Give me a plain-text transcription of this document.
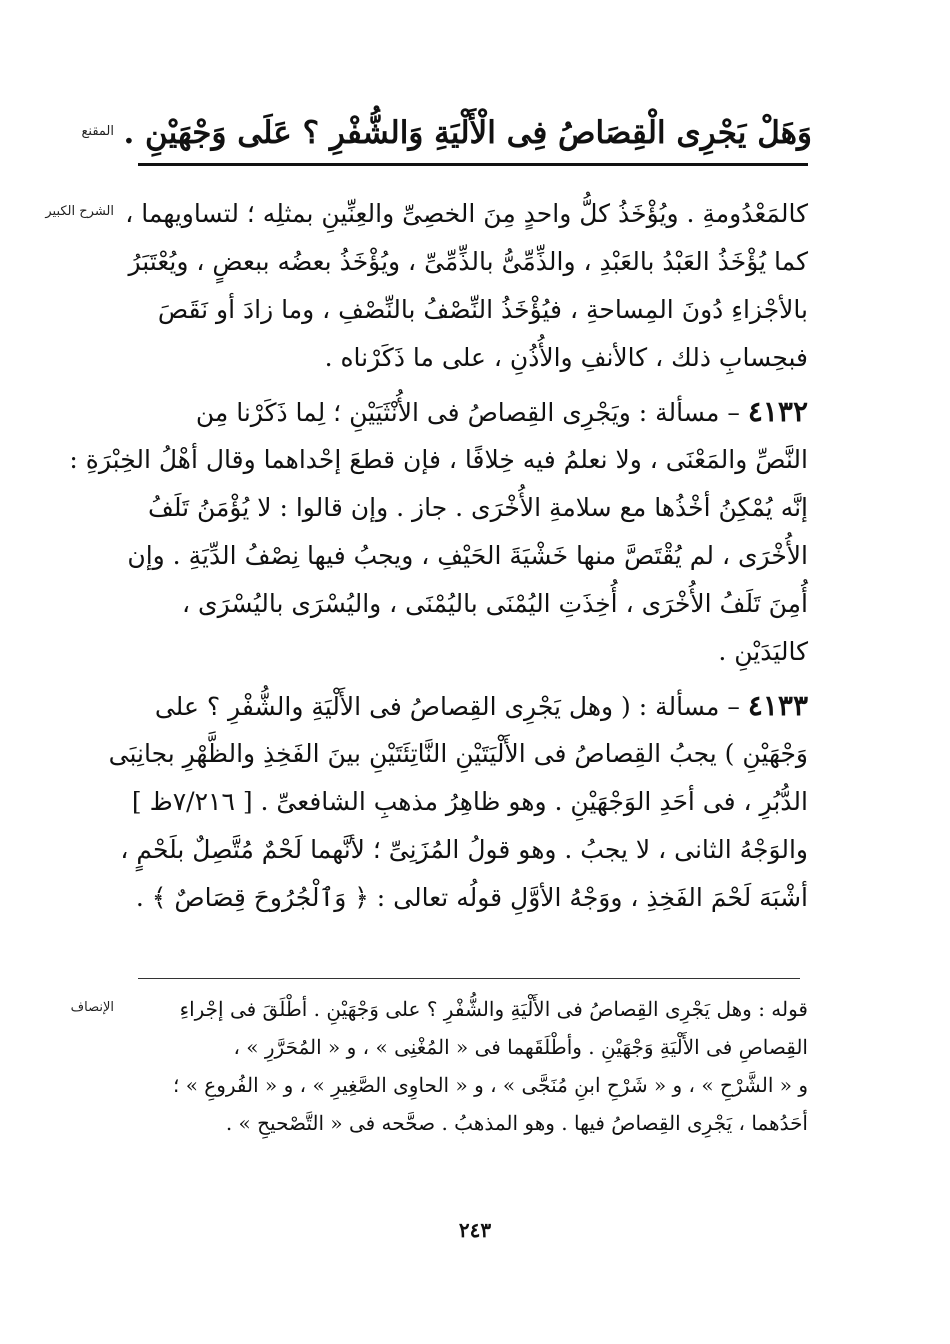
المقنع وَهَلْ يَجْرِى الْقِصَاصُ فِى الْأَلْيَةِ وَالشُّفْرِ ؟ عَلَى وَجْهَيْنِ .
الشرح الكبير كالمَعْدُومةِ . ويُؤْخَذُ كلُّ واحدٍ مِنَ الخصِىِّ والعِنِّينِ بمثلِه ؛ لتساويهما ،
كما يُؤْخَذُ العَبْدُ بالعَبْدِ ، والذِّمِّىُّ بالذِّمِّىِّ ، ويُؤْخَذُ بعضُه ببعضٍ ، ويُعْتَبَرُ
بالأجْزاءِ دُونَ المِساحةِ ، فيُؤْخَذُ النِّصْفُ بالنِّصْفِ ، وما زادَ أو نَقَصَ
فبحِسابِ ذلك ، كالأنفِ والأُذُنِ ، على ما ذَكَرْناه .
٤١٣٢ – مسألة : ويَجْرِى القِصاصُ فى الأُنْثَيَيْنِ ؛ لِما ذَكَرْنا مِن
النَّصِّ والمَعْنَى ، ولا نعلمُ فيه خِلافًا ، فإن قطعَ إحْداهما وقال أهْلُ الخِبْرَةِ :
إنَّه يُمْكِنُ أخْذُها مع سلامةِ الأُخْرَى . جاز . وإن قالوا : لا يُؤْمَنُ تَلَفُ
الأُخْرَى ، لم يُقْتَصَّ منها خَشْيَةَ الحَيْفِ ، ويجبُ فيها نِصْفُ الدِّيَةِ . وإن
أُمِنَ تَلَفُ الأُخْرَى ، أُخِذَتِ اليُمْنَى باليُمْنَى ، واليُسْرَى باليُسْرَى ،
كاليَدَيْنِ .
٤١٣٣ – مسألة : ( وهل يَجْرِى القِصاصُ فى الأَلْيَةِ والشُّفْرِ ؟ على
وَجْهَيْنِ ) يجبُ القِصاصُ فى الأَلْيَتَيْنِ النَّاتِئَتَيْنِ بينَ الفَخِذِ والظَّهْرِ بجانِبَى
الدُّبُرِ ، فى أحَدِ الوَجْهَيْنِ . وهو ظاهِرُ مذهبِ الشافعىِّ . [ ٧/٢١٦ظ ]
والوَجْهُ الثانى ، لا يجبُ . وهو قولُ المُزَنِىِّ ؛ لأنَّهما لَحْمٌ مُتَّصِلٌ بلَحْمٍ ،
أشْبَهَ لَحْمَ الفَخِذِ ، ووَجْهُ الأوَّلِ قولُه تعالى : ﴿ وَٱلْجُرُوحَ قِصَاصٌ ﴾ .
الإنصاف	قوله : وهل يَجْرِى القِصاصُ فى الأَلْيَةِ والشُّفْرِ ؟ على وَجْهَيْنِ . أطْلَقَ فى إجْراءِ
القِصاصِ فى الأَلْيَةِ وَجْهَيْنِ . وأطْلَقَهما فى « المُغْنِى » ، و « المُحَرَّرِ » ،
و « الشَّرْحِ » ، و « شَرْحِ ابنِ مُنَجَّى » ، و « الحاوِى الصَّغِيرِ » ، و « الفُروعِ » ؛
أحَدُهما ، يَجْرِى القِصاصُ فيها . وهو المذهبُ . صحَّحه فى « التَّصْحيحِ » .
٢٤٣
